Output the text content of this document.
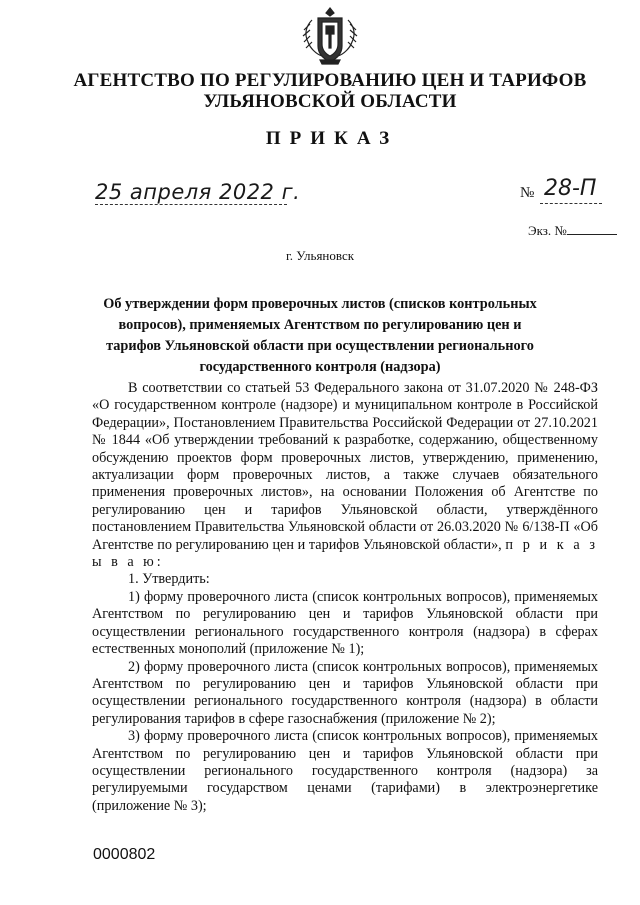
АГЕНТСТВО ПО РЕГУЛИРОВАНИЮ ЦЕН И ТАРИФОВ
УЛЬЯНОВСКОЙ ОБЛАСТИ
ПРИКАЗ
25 апреля 2022 г.	№ 28-П
Экз. №
г. Ульяновск
Об утверждении форм проверочных листов (списков контрольных вопросов), применяемых Агентством по регулированию цен и тарифов Ульяновской области при осуществлении регионального государственного контроля (надзора)

В соответствии со статьей 53 Федерального закона от 31.07.2020 № 248-ФЗ «О государственном контроле (надзоре) и муниципальном контроле в Российской Федерации», Постановлением Правительства Российской Федерации от 27.10.2021 № 1844 «Об утверждении требований к разработке, содержанию, общественному обсуждению проектов форм проверочных листов, утверждению, применению, актуализации форм проверочных листов, а также случаев обязательного применения проверочных листов», на основании Положения об Агентстве по регулированию цен и тарифов Ульяновской области, утверждённого постановлением Правительства Ульяновской области от 26.03.2020 № 6/138-П «Об Агентстве по регулированию цен и тарифов Ульяновской области», п р и к а з ы в а ю:

1. Утвердить:

1) форму проверочного листа (список контрольных вопросов), применяемых Агентством по регулированию цен и тарифов Ульяновской области при осуществлении регионального государственного контроля (надзора) в сферах естественных монополий (приложение № 1);

2) форму проверочного листа (список контрольных вопросов), применяемых Агентством по регулированию цен и тарифов Ульяновской области при осуществлении регионального государственного контроля (надзора) в области регулирования тарифов в сфере газоснабжения (приложение № 2);

3) форму проверочного листа (список контрольных вопросов), применяемых Агентством по регулированию цен и тарифов Ульяновской области при осуществлении регионального государственного контроля (надзора) за регулируемыми государством ценами (тарифами) в электроэнергетике (приложение № 3);

0000802
